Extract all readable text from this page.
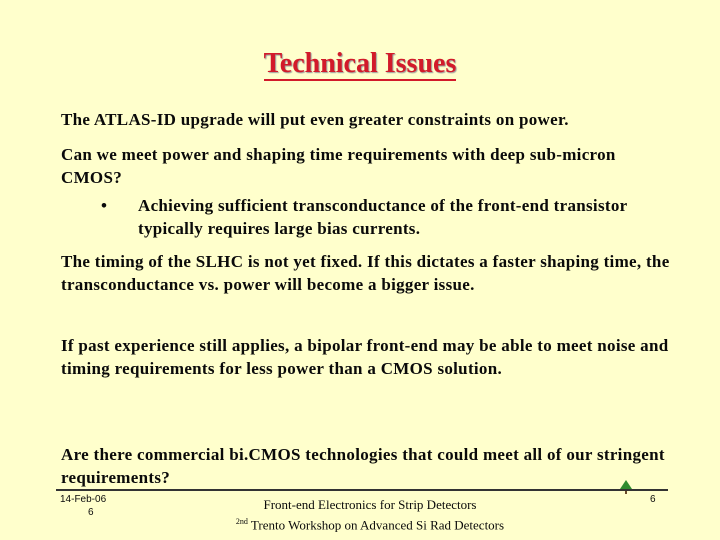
Technical Issues
The ATLAS-ID upgrade will put even greater constraints on power.
Can we meet power and shaping time requirements with deep sub-micron CMOS?
• Achieving sufficient transconductance of the front-end transistor typically requires large bias currents.
The timing of the SLHC is not yet fixed. If this dictates a faster shaping time, the transconductance vs. power will become a bigger issue.
If past experience still applies, a bipolar front-end may be able to meet noise and timing requirements for less power than a CMOS solution.
Are there commercial bi.CMOS technologies that could meet all of our stringent requirements?
14-Feb-06
6
Front-end Electronics for Strip Detectors
$^{2nd}$ Trento Workshop on Advanced Si Rad Detectors
6
